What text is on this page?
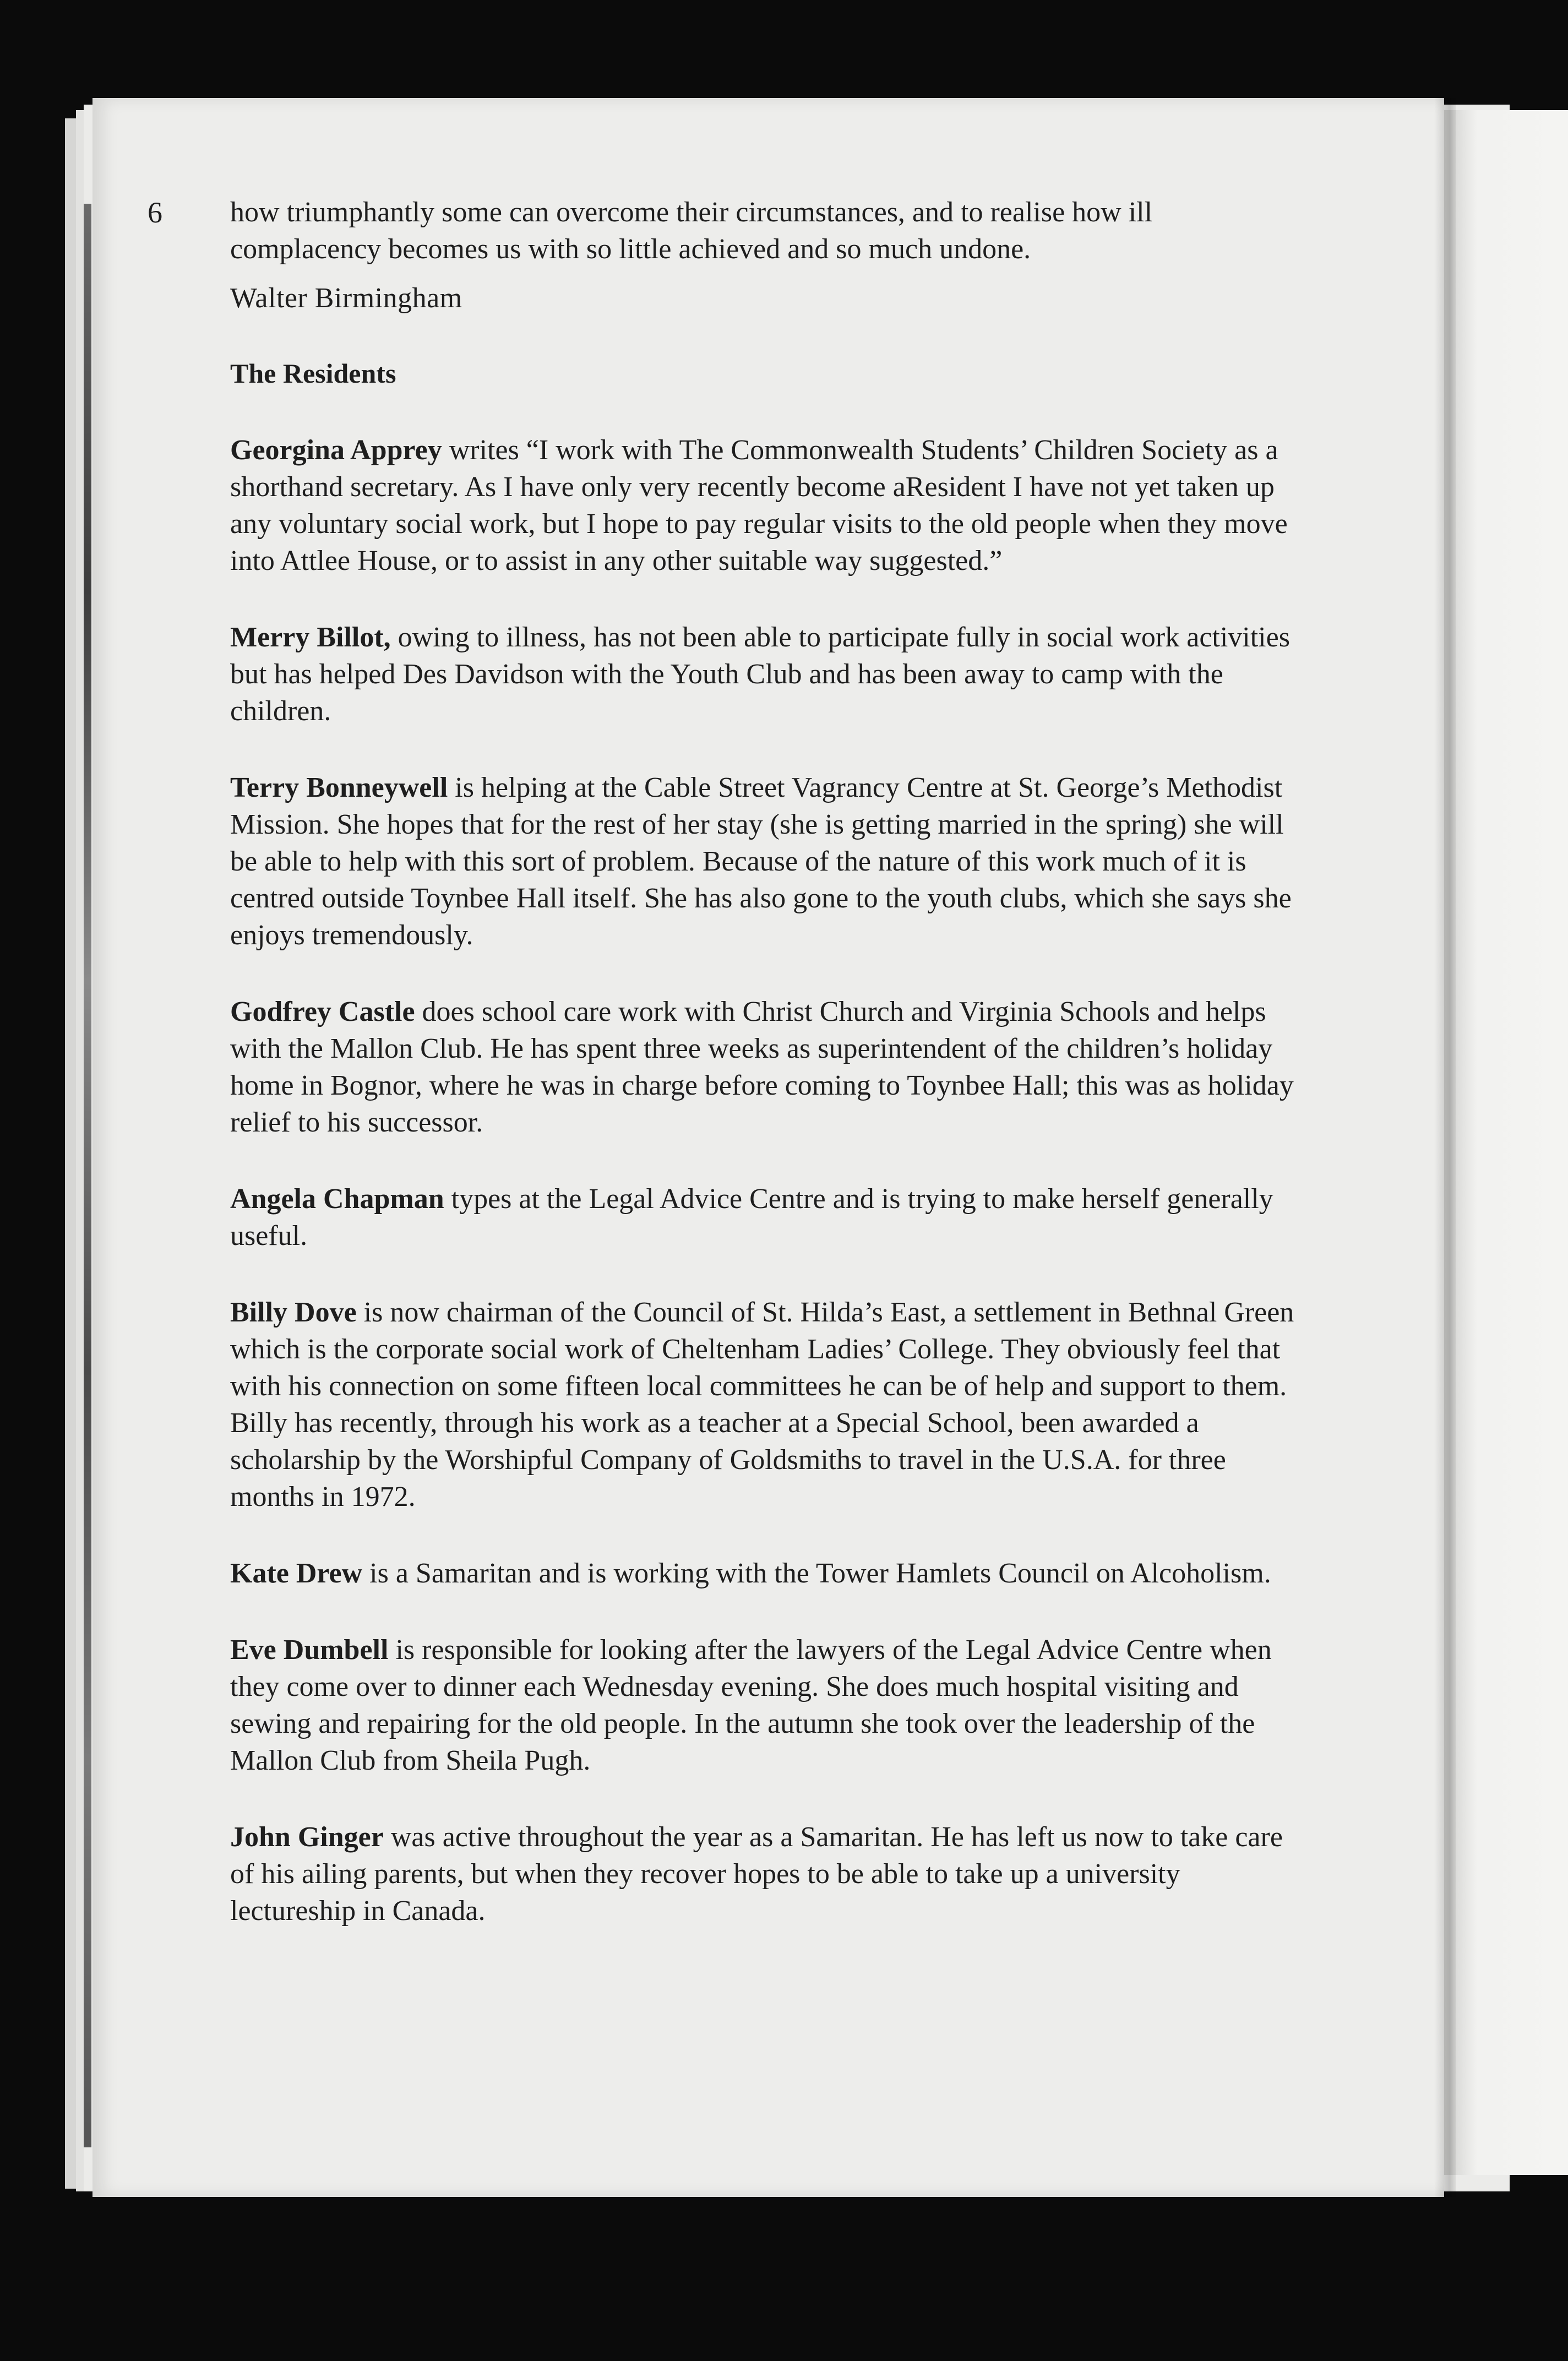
6 how triumphantly some can overcome their circumstances, and to realise how ill complacency becomes us with so little achieved and so much undone.

Walter Birmingham

The Residents

Georgina Apprey writes “I work with The Commonwealth Students’ Children Society as a shorthand secretary. As I have only very recently become aResident I have not yet taken up any voluntary social work, but I hope to pay regular visits to the old people when they move into Attlee House, or to assist in any other suitable way suggested.”

Merry Billot, owing to illness, has not been able to participate fully in social work activities but has helped Des Davidson with the Youth Club and has been away to camp with the children.

Terry Bonneywell is helping at the Cable Street Vagrancy Centre at St. George’s Methodist Mission. She hopes that for the rest of her stay (she is getting married in the spring) she will be able to help with this sort of problem. Because of the nature of this work much of it is centred outside Toynbee Hall itself. She has also gone to the youth clubs, which she says she enjoys tremendously.

Godfrey Castle does school care work with Christ Church and Virginia Schools and helps with the Mallon Club. He has spent three weeks as superintendent of the children’s holiday home in Bognor, where he was in charge before coming to Toynbee Hall; this was as holiday relief to his successor.

Angela Chapman types at the Legal Advice Centre and is trying to make herself generally useful.

Billy Dove is now chairman of the Council of St. Hilda’s East, a settlement in Bethnal Green which is the corporate social work of Cheltenham Ladies’ College. They obviously feel that with his connection on some fifteen local committees he can be of help and support to them. Billy has recently, through his work as a teacher at a Special School, been awarded a scholarship by the Worshipful Company of Goldsmiths to travel in the U.S.A. for three months in 1972.

Kate Drew is a Samaritan and is working with the Tower Hamlets Council on Alcoholism.

Eve Dumbell is responsible for looking after the lawyers of the Legal Advice Centre when they come over to dinner each Wednesday evening. She does much hospital visiting and sewing and repairing for the old people. In the autumn she took over the leadership of the Mallon Club from Sheila Pugh.

John Ginger was active throughout the year as a Samaritan. He has left us now to take care of his ailing parents, but when they recover hopes to be able to take up a university lectureship in Canada.
